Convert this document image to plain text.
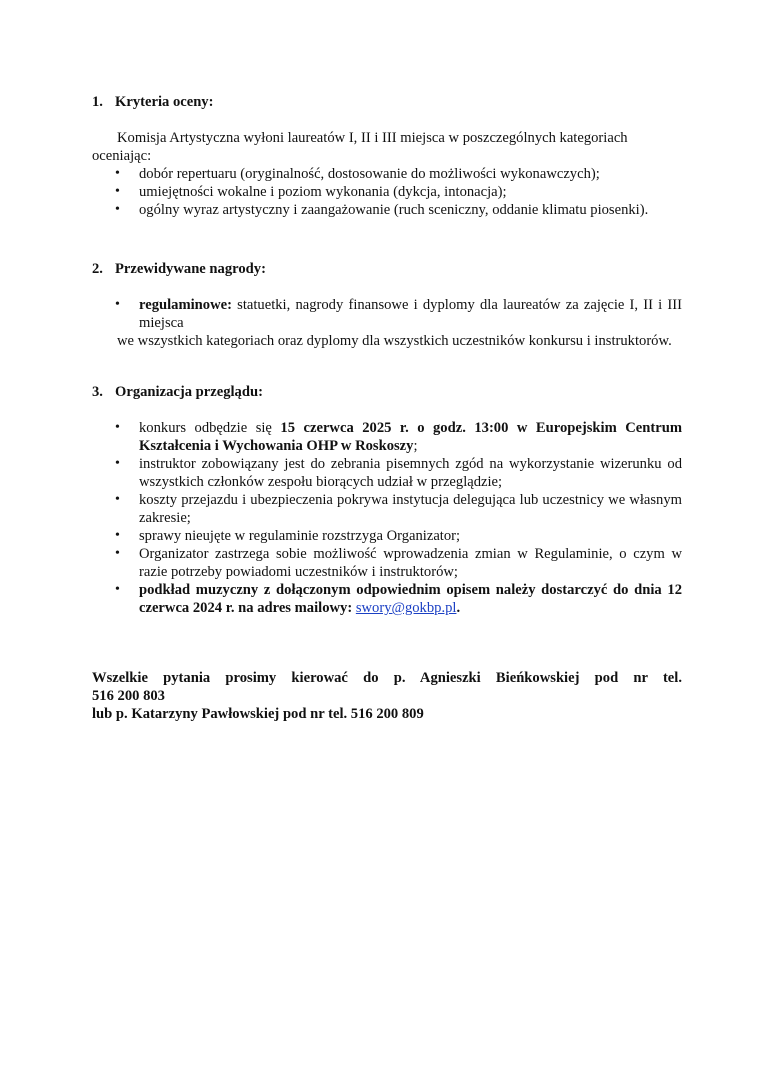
1. Kryteria oceny:

Komisja Artystyczna wyłoni laureatów I, II i III miejsca w poszczególnych kategoriach oceniając:

• dobór repertuaru (oryginalność, dostosowanie do możliwości wykonawczych);
• umiejętności wokalne i poziom wykonania (dykcja, intonacja);
• ogólny wyraz artystyczny i zaangażowanie (ruch sceniczny, oddanie klimatu piosenki).

2. Przewidywane nagrody:

• regulaminowe: statuetki, nagrody finansowe i dyplomy dla laureatów za zajęcie I, II i III miejsca

we wszystkich kategoriach oraz dyplomy dla wszystkich uczestników konkursu i instruktorów.

3. Organizacja przeglądu:

• konkurs odbędzie się 15 czerwca 2025 r. o godz. 13:00 w Europejskim Centrum Kształcenia i Wychowania OHP w Roskoszy;
• instruktor zobowiązany jest do zebrania pisemnych zgód na wykorzystanie wizerunku od wszystkich członków zespołu biorących udział w przeglądzie;
• koszty przejazdu i ubezpieczenia pokrywa instytucja delegująca lub uczestnicy we własnym zakresie;
• sprawy nieujęte w regulaminie rozstrzyga Organizator;
• Organizator zastrzega sobie możliwość wprowadzenia zmian w Regulaminie, o czym w razie potrzeby powiadomi uczestników i instruktorów;
• podkład muzyczny z dołączonym odpowiednim opisem należy dostarczyć do dnia 12 czerwca 2024 r. na adres mailowy: swory@gokbp.pl.

Wszelkie pytania prosimy kierować do p. Agnieszki Bieńkowskiej pod nr tel.

516 200 803

lub p. Katarzyny Pawłowskiej pod nr tel. 516 200 809
